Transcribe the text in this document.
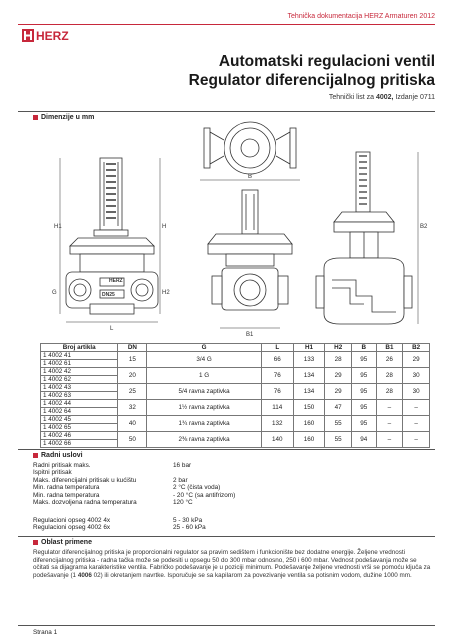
Tehnička dokumentacija HERZ Armaturen 2012
HERZ
Automatski regulacioni ventil
Regulator diferencijalnog pritiska
Tehnički list za 4002, Izdanje 0711
Dimenzije u mm
HERZ
DN25
H1	H
L
B
B1
B2
G	H2
Broj artikla	DN	G	L	H1	H2	B	B1	B2
1 4002 41	15	3/4 G	66	133	28	95	26	29
1 4002 61								
1 4002 42	20	1 G	76	134	29	95	28	30
1 4002 62								
1 4002 43	25	5/4 ravna zaptivka	76	134	29	95	28	30
1 4002 63								
1 4002 44	32	1½ ravna zaptivka	114	150	47	95	–	–
1 4002 64								
1 4002 45	40	1¾ ravna zaptivka	132	160	55	95	–	–
1 4002 65								
1 4002 46	50	2⅜ ravna zaptivka	140	160	55	94	–	–
1 4002 66								
Radni uslovi
Radni pritisak maks.	16 bar
Ispitni pritisak
Maks. diferencijalni pritisak u kućištu	2 bar
Min. radna temperatura	2 °C (čista voda)
Min. radna temperatura	- 20 °C (sa antifrizom)
Maks. dozvoljena radna temperatura	120 °C
Regulacioni opseg 4002 4x	5 - 30 kPa
Regulacioni opseg 4002 6x	25 - 60 kPa
Oblast primene
Regulator diferencijalnog pritiska je proporcionalni regulator sa pravim sedištem i funkcionište bez dodatne energije. Željene vrednosti diferencijalnog pritiska - radna tačka može se podesiti u opsegu 50 do 300 mbar odnosno, 250 i 600 mbar. Vednost podešavanja može se očitati sa dijagrama karakteristike ventila. Fabričko podešavanje je u poziciji minimum. Podešavanje željene vrednosti vrši se pomoću ključa za podešavanje (1 4006 02) ili okretanjem navrtke. Isporučuje se sa kapilarom za povezivanje ventila sa potisnim vodom, dužine 1000 mm.
Strana 1
